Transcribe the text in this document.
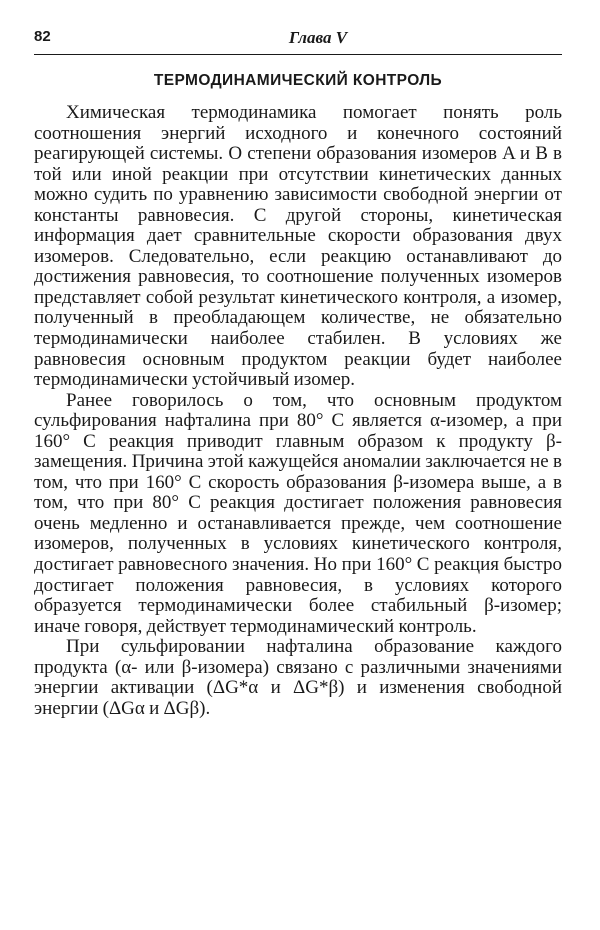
82	Глава V
ТЕРМОДИНАМИЧЕСКИЙ КОНТРОЛЬ

Химическая термодинамика помогает понять роль соотношения энергий исходного и конечного состояний реагирующей системы. О степени образования изомеров A и B в той или иной реакции при отсутствии кинетических данных можно судить по уравнению зависимости свободной энергии от константы равновесия. С другой стороны, кинетическая информация дает сравнительные скорости образования двух изомеров. Следовательно, если реакцию останавливают до достижения равновесия, то соотношение полученных изомеров представляет собой результат кинетического контроля, а изомер, полученный в преобладающем количестве, не обязательно термодинамически наиболее стабилен. В условиях же равновесия основным продуктом реакции будет наиболее термодинамически устойчивый изомер.

Ранее говорилось о том, что основным продуктом сульфирования нафталина при 80° С является α-изомер, а при 160° С реакция приводит главным образом к продукту β-замещения. Причина этой кажущейся аномалии заключается не в том, что при 160° С скорость образования β-изомера выше, а в том, что при 80° С реакция достигает положения равновесия очень медленно и останавливается прежде, чем соотношение изомеров, полученных в условиях кинетического контроля, достигает равновесного значения. Но при 160° С реакция быстро достигает положения равновесия, в условиях которого образуется термодинамически более стабильный β-изомер; иначе говоря, действует термодинамический контроль.

При сульфировании нафталина образование каждого продукта (α- или β-изомера) связано с различными значениями энергии активации (ΔG*α и ΔG*β) и изменения свободной энергии (ΔGα и ΔGβ).
